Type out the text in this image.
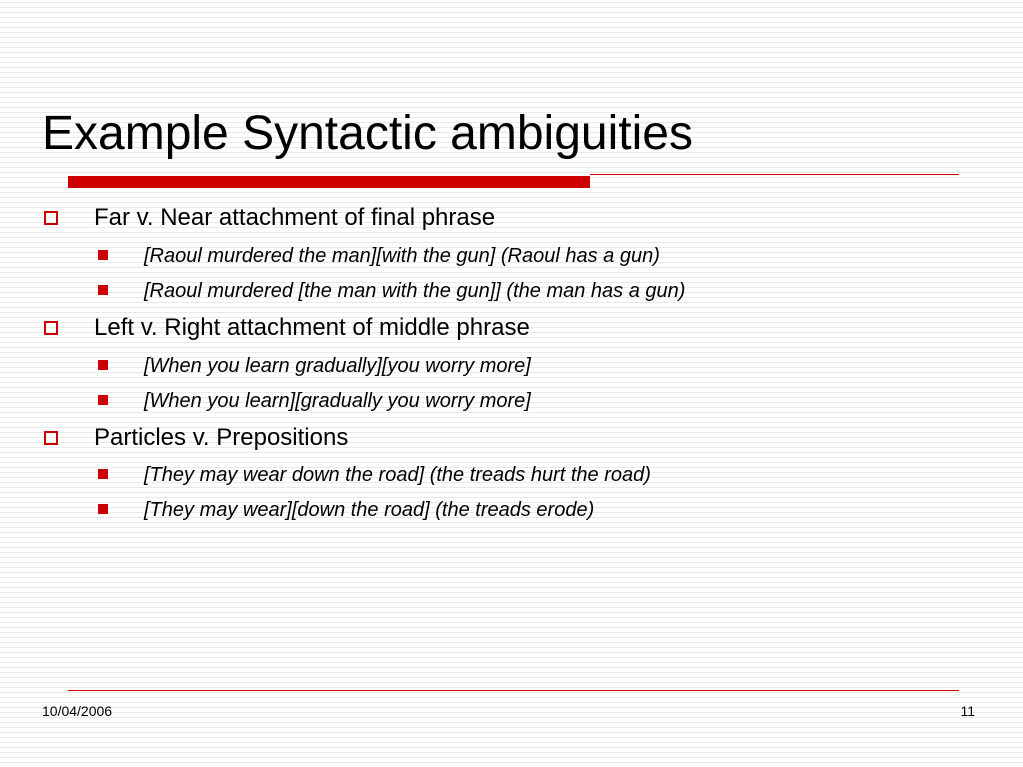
Example Syntactic ambiguities
Far v. Near attachment of final phrase
[Raoul murdered the man][with the gun] (Raoul has a gun)
[Raoul murdered [the man with the gun]] (the man has a gun)
Left v. Right attachment of middle phrase
[When you learn gradually][you worry more]
[When you learn][gradually you worry more]
Particles v. Prepositions
[They may wear down the road] (the treads hurt the road)
[They may wear][down the road] (the treads erode)
10/04/2006	11
